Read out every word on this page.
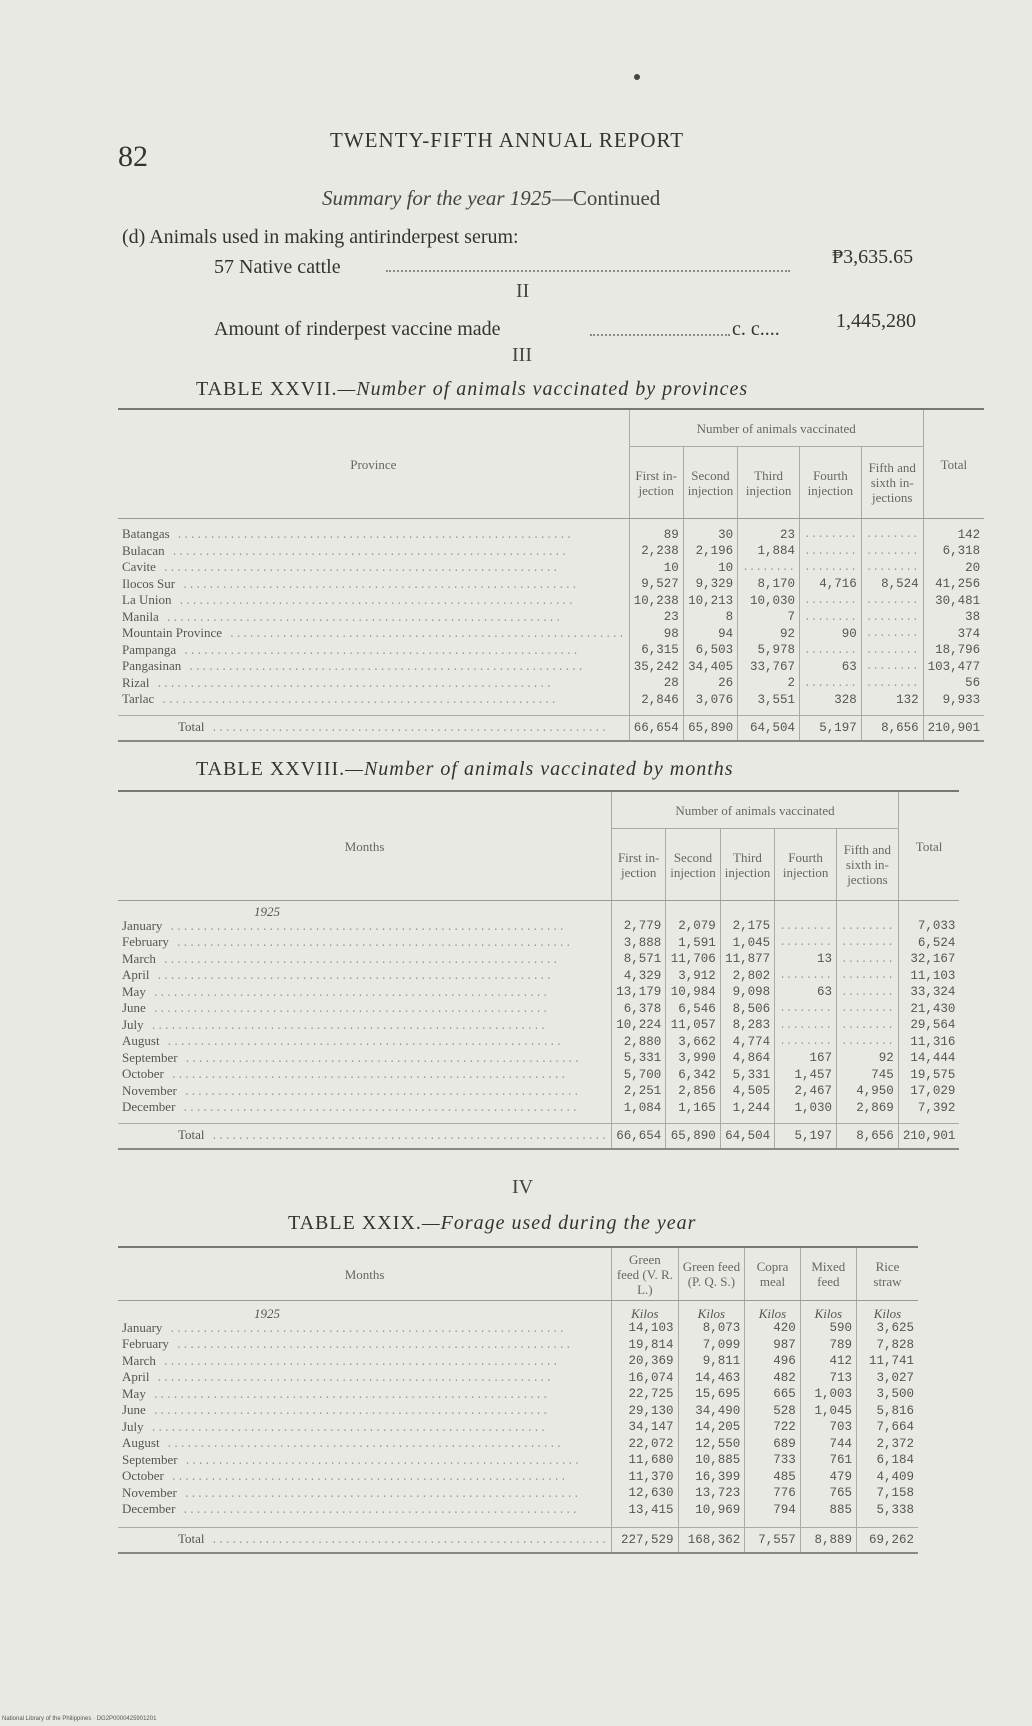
82	TWENTY-FIFTH ANNUAL REPORT
Summary for the year 1925—Continued
(d) Animals used in making antirinderpest serum:
57 Native cattle	₱3,635.65
II
Amount of rinderpest vaccine made	c. c....	1,445,280
III
TABLE XXVII.—Number of animals vaccinated by provinces
Province	Number of animals vaccinated					Total
	First in-jection	Second injection	Third injection	Fourth injection	Fifth and sixth in-jections	

Batangas ............................................................	89	30	23	........	........	142
Bulacan ............................................................	2,238	2,196	1,884	........	........	6,318
Cavite ............................................................	10	10	........	........	........	20
Ilocos Sur ............................................................	9,527	9,329	8,170	4,716	8,524	41,256
La Union ............................................................	10,238	10,213	10,030	........	........	30,481
Manila ............................................................	23	8	7	........	........	38
Mountain Province ............................................................	98	94	92	90	........	374
Pampanga ............................................................	6,315	6,503	5,978	........	........	18,796
Pangasinan ............................................................	35,242	34,405	33,767	63	........	103,477
Rizal ............................................................	28	26	2	........	........	56
Tarlac ............................................................	2,846	3,076	3,551	328	132	9,933

Total ............................................................	66,654	65,890	64,504	5,197	8,656	210,901
TABLE XXVIII.—Number of animals vaccinated by months
Months	Number of animals vaccinated					Total
	First in-jection	Second injection	Third injection	Fourth injection	Fifth and sixth in-jections	

1925						
January ............................................................	2,779	2,079	2,175	........	........	7,033
February ............................................................	3,888	1,591	1,045	........	........	6,524
March ............................................................	8,571	11,706	11,877	13	........	32,167
April ............................................................	4,329	3,912	2,802	........	........	11,103
May ............................................................	13,179	10,984	9,098	63	........	33,324
June ............................................................	6,378	6,546	8,506	........	........	21,430
July ............................................................	10,224	11,057	8,283	........	........	29,564
August ............................................................	2,880	3,662	4,774	........	........	11,316
September ............................................................	5,331	3,990	4,864	167	92	14,444
October ............................................................	5,700	6,342	5,331	1,457	745	19,575
November ............................................................	2,251	2,856	4,505	2,467	4,950	17,029
December ............................................................	1,084	1,165	1,244	1,030	2,869	7,392

Total ............................................................	66,654	65,890	64,504	5,197	8,656	210,901
IV
TABLE XXIX.—Forage used during the year
Months	Green feed (V. R. L.)	Green feed (P. Q. S.)	Copra meal	Mixed feed	Rice straw

1925	Kilos	Kilos	Kilos	Kilos	Kilos
January ............................................................	14,103	8,073	420	590	3,625
February ............................................................	19,814	7,099	987	789	7,828
March ............................................................	20,369	9,811	496	412	11,741
April ............................................................	16,074	14,463	482	713	3,027
May ............................................................	22,725	15,695	665	1,003	3,500
June ............................................................	29,130	34,490	528	1,045	5,816
July ............................................................	34,147	14,205	722	703	7,664
August ............................................................	22,072	12,550	689	744	2,372
September ............................................................	11,680	10,885	733	761	6,184
October ............................................................	11,370	16,399	485	479	4,409
November ............................................................	12,630	13,723	776	765	7,158
December ............................................................	13,415	10,969	794	885	5,338

Total ............................................................	227,529	168,362	7,557	8,889	69,262
National Library of the Philippines · DG2P0000425901201
